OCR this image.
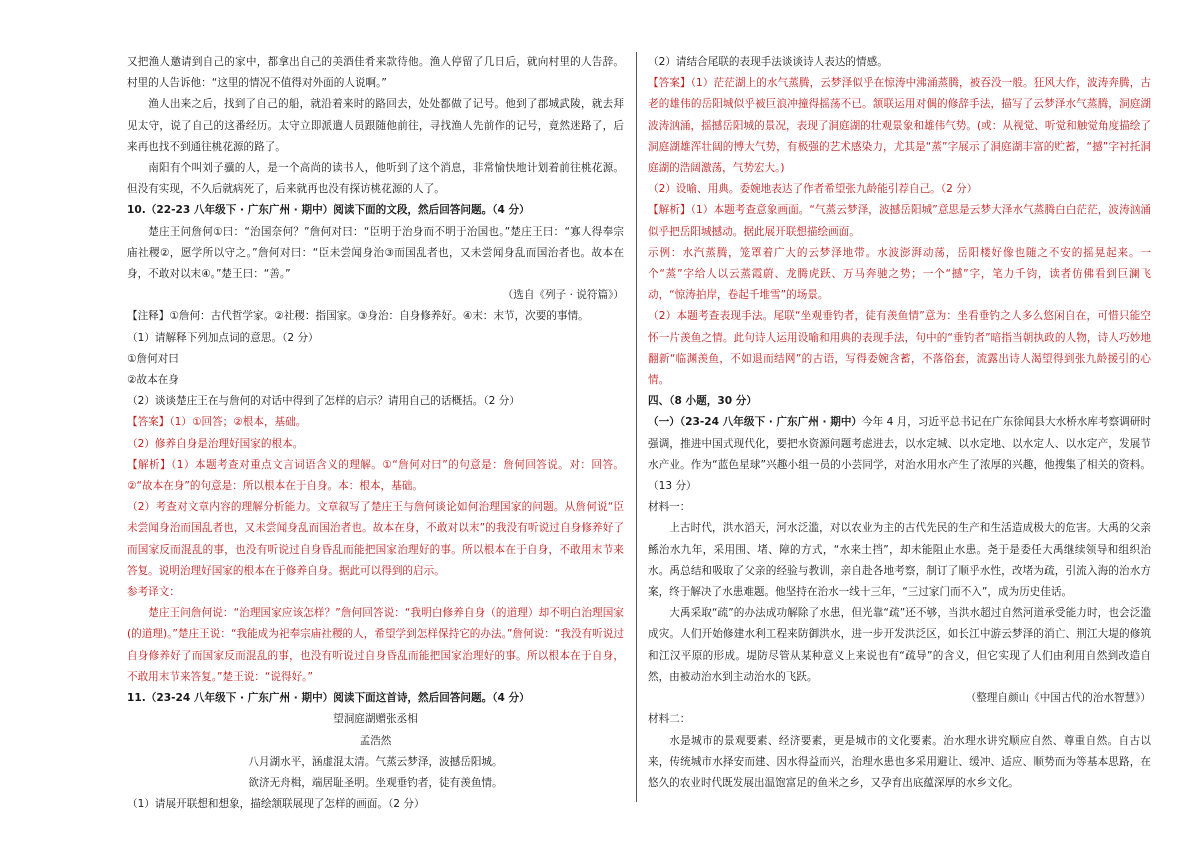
又把渔人邀请到自己的家中，都拿出自己的美酒佳肴来款待他。渔人停留了几日后，就向村里的人告辞。村里的人告诉他：“这里的情况不值得对外面的人说啊。”

渔人出来之后，找到了自己的船，就沿着来时的路回去，处处都做了记号。他到了郡城武陵，就去拜见太守，说了自己的这番经历。太守立即派遣人员跟随他前往，寻找渔人先前作的记号，竟然迷路了，后来再也找不到通往桃花源的路了。

南阳有个叫刘子骥的人，是一个高尚的读书人，他听到了这个消息，非常愉快地计划着前往桃花源。但没有实现，不久后就病死了，后来就再也没有探访桃花源的人了。

10.（22-23 八年级下 · 广东广州 · 期中）阅读下面的文段，然后回答问题。（4 分）

楚庄王问詹何①曰：“治国奈何？”詹何对曰：“臣明于治身而不明于治国也。”楚庄王曰：“寡人得奉宗庙社稷②，愿学所以守之。”詹何对曰：“臣未尝闻身治③而国乱者也，又未尝闻身乱而国治者也。故本在身，不敢对以末④。”楚王曰：“善。”

（选自《列子 · 说符篇》）

【注释】①詹何：古代哲学家。②社稷：指国家。③身治：自身修养好。④末：末节，次要的事情。

（1）请解释下列加点词的意思。（2 分）

①詹何对曰

②故本在身

（2）谈谈楚庄王在与詹何的对话中得到了怎样的启示？请用自己的话概括。（2 分）

【答案】（1）①回答；②根本，基础。

（2）修养自身是治理好国家的根本。

【解析】（1）本题考查对重点文言词语含义的理解。①“詹何对曰”的句意是：詹何回答说。对：回答。②“故本在身”的句意是：所以根本在于自身。本：根本，基础。

（2）考查对文章内容的理解分析能力。文章叙写了楚庄王与詹何谈论如何治理国家的问题。从詹何说“臣未尝闻身治而国乱者也，又未尝闻身乱而国治者也。故本在身，不敢对以末”的我没有听说过自身修养好了而国家反而混乱的事，也没有听说过自身昏乱而能把国家治理好的事。所以根本在于自身，不敢用末节来答复。说明治理好国家的根本在于修养自身。据此可以得到的启示。

参考译文：

楚庄王问詹何说：“治理国家应该怎样？”詹何回答说：“我明白修养自身（的道理）却不明白治理国家(的道理)。”楚庄王说：“我能成为祀奉宗庙社稷的人，希望学到怎样保持它的办法。”詹何说：“我没有听说过自身修养好了而国家反而混乱的事，也没有听说过自身昏乱而能把国家治理好的事。所以根本在于自身，不敢用末节来答复。”楚王说：“说得好。”

11.（23-24 八年级下 · 广东广州 · 期中）阅读下面这首诗，然后回答问题。（4 分）

望洞庭湖赠张丞相

孟浩然

八月湖水平，涵虚混太清。气蒸云梦泽，波撼岳阳城。

欲济无舟楫，端居耻圣明。坐观垂钓者，徒有羡鱼情。

（1）请展开联想和想象，描绘颔联展现了怎样的画面。（2 分）

（2）请结合尾联的表现手法谈谈诗人表达的情感。

【答案】（1）茫茫湖上的水气蒸腾，云梦泽似乎在惊涛中沸涌蒸腾，被吞没一般。狂风大作，波涛奔腾，古老的雄伟的岳阳城似乎被巨浪冲撞得摇荡不已。颔联运用对偶的修辞手法，描写了云梦泽水气蒸腾，洞庭湖波涛汹涌，摇撼岳阳城的景况，表现了洞庭湖的壮观景象和雄伟气势。(或：从视觉、听觉和触觉角度描绘了洞庭湖雄浑壮阔的博大气势，有极强的艺术感染力，尤其是“蒸”字展示了洞庭湖丰富的贮蓄，“撼”字衬托洞庭湖的浩阔激荡，气势宏大。)

（2）设喻、用典。委婉地表达了作者希望张九龄能引荐自己。（2 分）

【解析】（1）本题考查意象画面。“气蒸云梦泽，波撼岳阳城”意思是云梦大泽水气蒸腾白白茫茫，波涛汹涌似乎把岳阳城撼动。据此展开联想描绘画面。

示例：水汽蒸腾，笼罩着广大的云梦泽地带。水波澎湃动荡，岳阳楼好像也随之不安的摇晃起来。一个“蒸”字给人以云蒸霞蔚、龙腾虎跃、万马奔驰之势；一个“撼”字，笔力千钧，读者仿佛看到巨澜飞动，“惊涛拍岸，卷起千堆雪”的场景。

（2）本题考查表现手法。尾联“坐观垂钓者，徒有羡鱼情”意为：坐看垂钓之人多么悠闲自在，可惜只能空怀一片羡鱼之情。此句诗人运用设喻和用典的表现手法，句中的“垂钓者”暗指当朝执政的人物，诗人巧妙地翻新“临渊羡鱼，不如退而结网”的古语，写得委婉含蓄，不落俗套，流露出诗人渴望得到张九龄援引的心情。

四、（8 小题，30 分）

（一）（23-24 八年级下 · 广东广州 · 期中）今年 4 月，习近平总书记在广东徐闻县大水桥水库考察调研时强调，推进中国式现代化，要把水资源问题考虑进去，以水定城、以水定地、以水定人、以水定产，发展节水产业。作为“蓝色星球”兴趣小组一员的小芸同学，对治水用水产生了浓厚的兴趣，他搜集了相关的资料。（13 分）

材料一：

上古时代，洪水滔天，河水泛滥，对以农业为主的古代先民的生产和生活造成极大的危害。大禹的父亲鲧治水九年，采用围、堵、障的方式，“水来土挡”，却未能阻止水患。尧于是委任大禹继续领导和组织治水。禹总结和吸取了父亲的经验与教训，亲自赴各地考察，制订了顺乎水性，改堵为疏，引流入海的治水方案，终于解决了水患难题。他坚持在治水一线十三年，“三过家门而不入”，成为历史佳话。

大禹采取“疏”的办法成功解除了水患，但光靠“疏”还不够，当洪水超过自然河道承受能力时，也会泛滥成灾。人们开始修建水利工程来防御洪水，进一步开发洪泛区，如长江中游云梦泽的消亡、荆江大堤的修筑和江汉平原的形成。堤防尽管从某种意义上来说也有“疏导”的含义，但它实现了人们由利用自然到改造自然，由被动治水到主动治水的飞跃。

（整理自颜山《中国古代的治水智慧》）

材料二：

水是城市的景观要素、经济要素，更是城市的文化要素。治水理水讲究顺应自然、尊重自然。自古以来，传统城市水择安而建、因水得益而兴，治理水患也多采用避让、缓冲、适应、顺势而为等基本思路，在悠久的农业时代既发展出温饱富足的鱼米之乡，又孕育出底蕴深厚的水乡文化。
